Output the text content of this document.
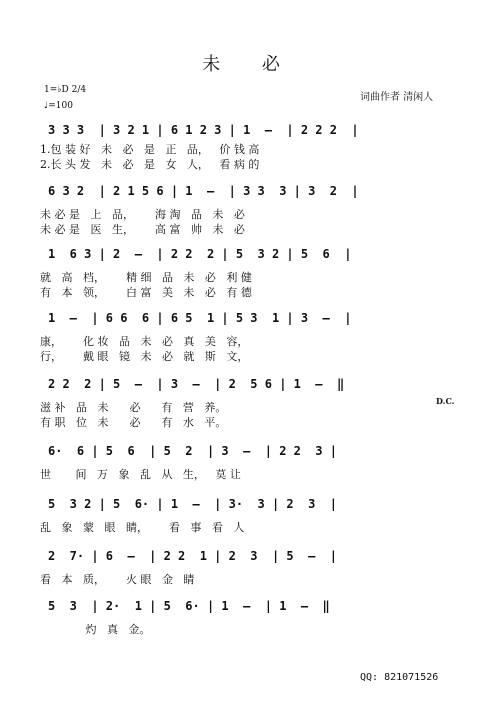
未 必
1=♭D 2/4
♩=100
词曲作者 清闲人
3 3 3  | 3 2 1 | 6 1 2 3 | 1  –  | 2 2 2  |
1.包 装 好   未   必   是   正   品，   价 钱 高
2.长 头 发   未   必   是   女   人，   看 病 的
6 3 2  | 2 1 5 6 | 1  –  | 3 3  3 | 3  2  |
未 必 是   上   品，      海 淘   品   未   必
未 必 是   医   生，      高 富   帅   未   必
1  6 3 | 2  –  | 2 2  2 | 5  3 2 | 5  6  |
就   高   档，      精 细   品   未   必   利 健
有   本   领，      白 富   美   未   必   有 德
1  –  | 6 6  6 | 6 5  1 | 5 3  1 | 3  –  |
康，      化 妆   品   未   必   真   美   容，
行，      戴 眼   镜   未   必   就   斯   文，
2 2  2 | 5  –  | 3  –  | 2  5 6 | 1  –  ‖
D.C.
滋 补   品   未      必      有   营   养。
有 职   位   未      必      有   水   平。
6·  6 | 5  6  | 5  2  | 3  –  | 2 2  3 |
世       间   万   象   乱   从   生，   莫 让
5  3 2 | 5  6· | 1  –  | 3·  3 | 2  3  |
乱   象   蒙   眼   睛，      看   事   看   人
2  7· | 6  –  | 2 2  1 | 2  3  | 5  –  |
看   本   质，      火 眼   金   睛
5  3  | 2·  1 | 5  6· | 1  –  | 1  –  ‖
灼   真   金。
QQ: 821071526
